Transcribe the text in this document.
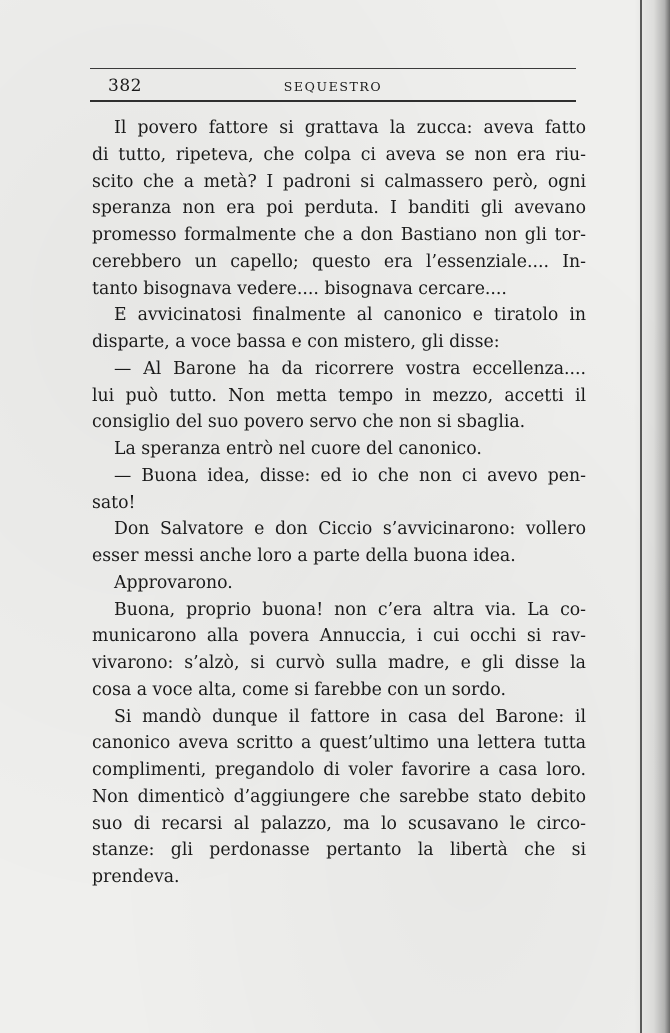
382	SEQUESTRO
Il povero fattore si grattava la zucca: aveva fatto
di tutto, ripeteva, che colpa ci aveva se non era riu-
scito che a metà? I padroni si calmassero però, ogni
speranza non era poi perduta. I banditi gli avevano
promesso formalmente che a don Bastiano non gli tor-
cerebbero un capello; questo era l’essenziale.... In-
tanto bisognava vedere.... bisognava cercare....
E avvicinatosi finalmente al canonico e tiratolo in
disparte, a voce bassa e con mistero, gli disse:
— Al Barone ha da ricorrere vostra eccellenza....
lui può tutto. Non metta tempo in mezzo, accetti il
consiglio del suo povero servo che non si sbaglia.
La speranza entrò nel cuore del canonico.
— Buona idea, disse: ed io che non ci avevo pen-
sato!
Don Salvatore e don Ciccio s’avvicinarono: vollero
esser messi anche loro a parte della buona idea.
Approvarono.
Buona, proprio buona! non c’era altra via. La co-
municarono alla povera Annuccia, i cui occhi si rav-
vivarono: s’alzò, si curvò sulla madre, e gli disse la
cosa a voce alta, come si farebbe con un sordo.
Si mandò dunque il fattore in casa del Barone: il
canonico aveva scritto a quest’ultimo una lettera tutta
complimenti, pregandolo di voler favorire a casa loro.
Non dimenticò d’aggiungere che sarebbe stato debito
suo di recarsi al palazzo, ma lo scusavano le circo-
stanze: gli perdonasse pertanto la libertà che si
prendeva.
